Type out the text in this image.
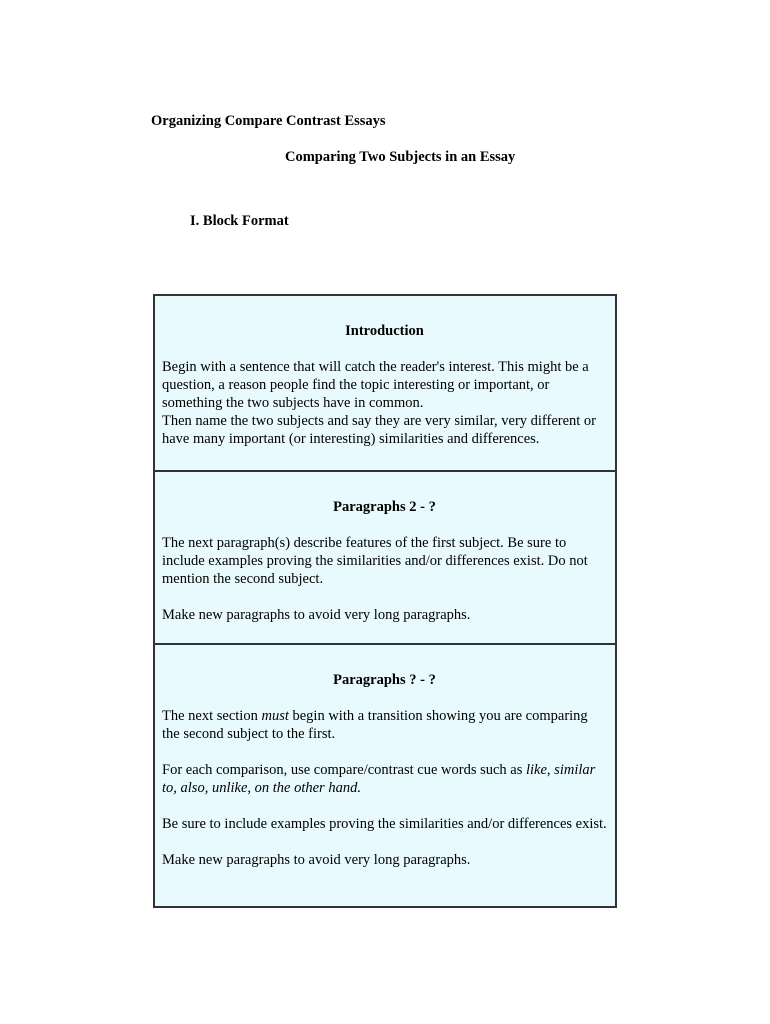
Organizing Compare Contrast Essays
Comparing Two Subjects in an Essay
I. Block Format
Introduction

Begin with a sentence that will catch the reader's interest. This might be a question, a reason people find the topic interesting or important, or something the two subjects have in common.

Then name the two subjects and say they are very similar, very different or have many important (or interesting) similarities and differences.

Paragraphs 2 - ?

The next paragraph(s) describe features of the first subject. Be sure to include examples proving the similarities and/or differences exist. Do not mention the second subject.

Make new paragraphs to avoid very long paragraphs.

Paragraphs ? - ?

The next section must begin with a transition showing you are comparing the second subject to the first.

For each comparison, use compare/contrast cue words such as like, similar to, also, unlike, on the other hand.

Be sure to include examples proving the similarities and/or differences exist.

Make new paragraphs to avoid very long paragraphs.
